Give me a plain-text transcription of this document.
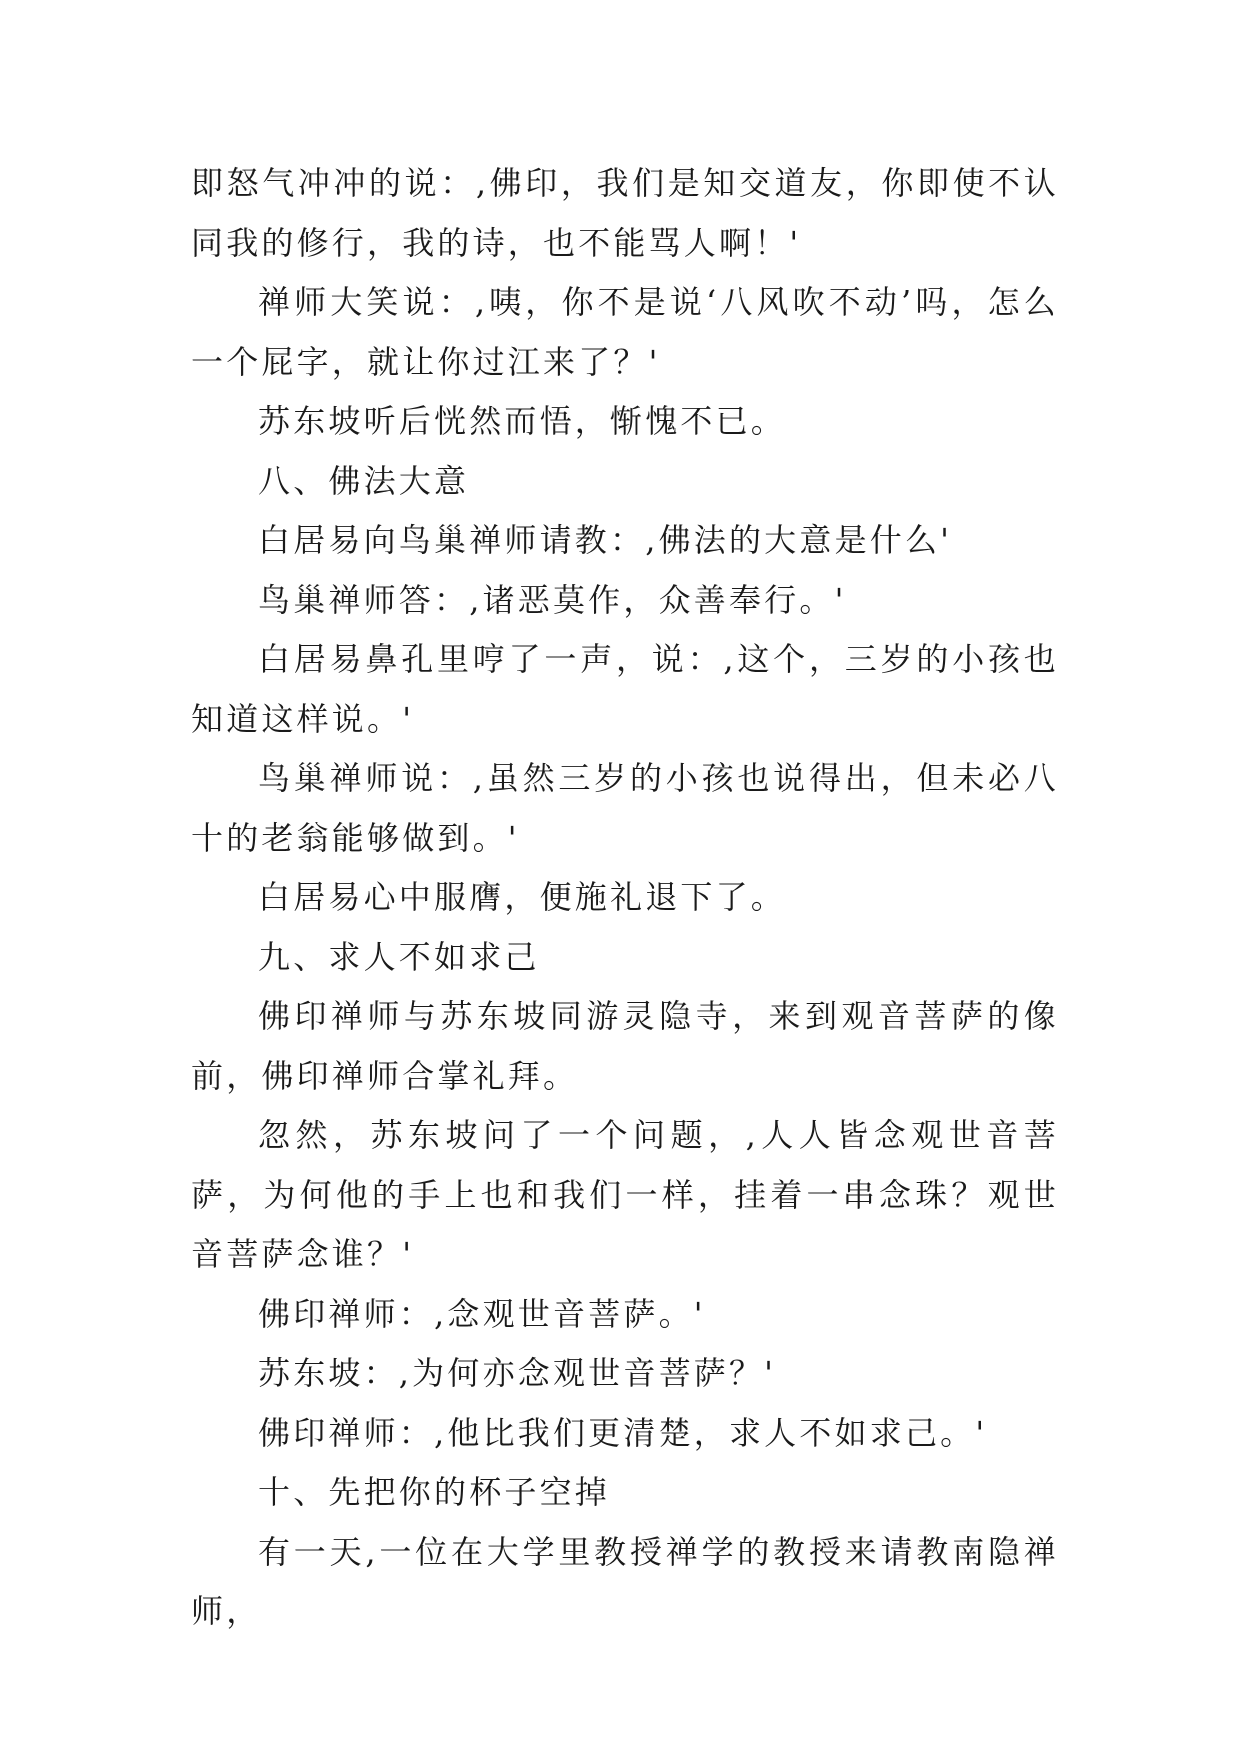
即怒气冲冲的说：,佛印，我们是知交道友，你即使不认同我的修行，我的诗，也不能骂人啊！'

禅师大笑说：,咦，你不是说‘八风吹不动’吗，怎么一个屁字，就让你过江来了？'

苏东坡听后恍然而悟，惭愧不已。

八、佛法大意

白居易向鸟巢禅师请教：,佛法的大意是什么'

鸟巢禅师答：,诸恶莫作，众善奉行。'

白居易鼻孔里哼了一声，说：,这个，三岁的小孩也知道这样说。'

鸟巢禅师说：,虽然三岁的小孩也说得出，但未必八十的老翁能够做到。'

白居易心中服膺，便施礼退下了。

九、求人不如求己

佛印禅师与苏东坡同游灵隐寺，来到观音菩萨的像前，佛印禅师合掌礼拜。

忽然，苏东坡问了一个问题，,人人皆念观世音菩萨，为何他的手上也和我们一样，挂着一串念珠？观世音菩萨念谁？'

佛印禅师：,念观世音菩萨。'

苏东坡：,为何亦念观世音菩萨？'

佛印禅师：,他比我们更清楚，求人不如求己。'

十、先把你的杯子空掉

有一天,一位在大学里教授禅学的教授来请教南隐禅师，
